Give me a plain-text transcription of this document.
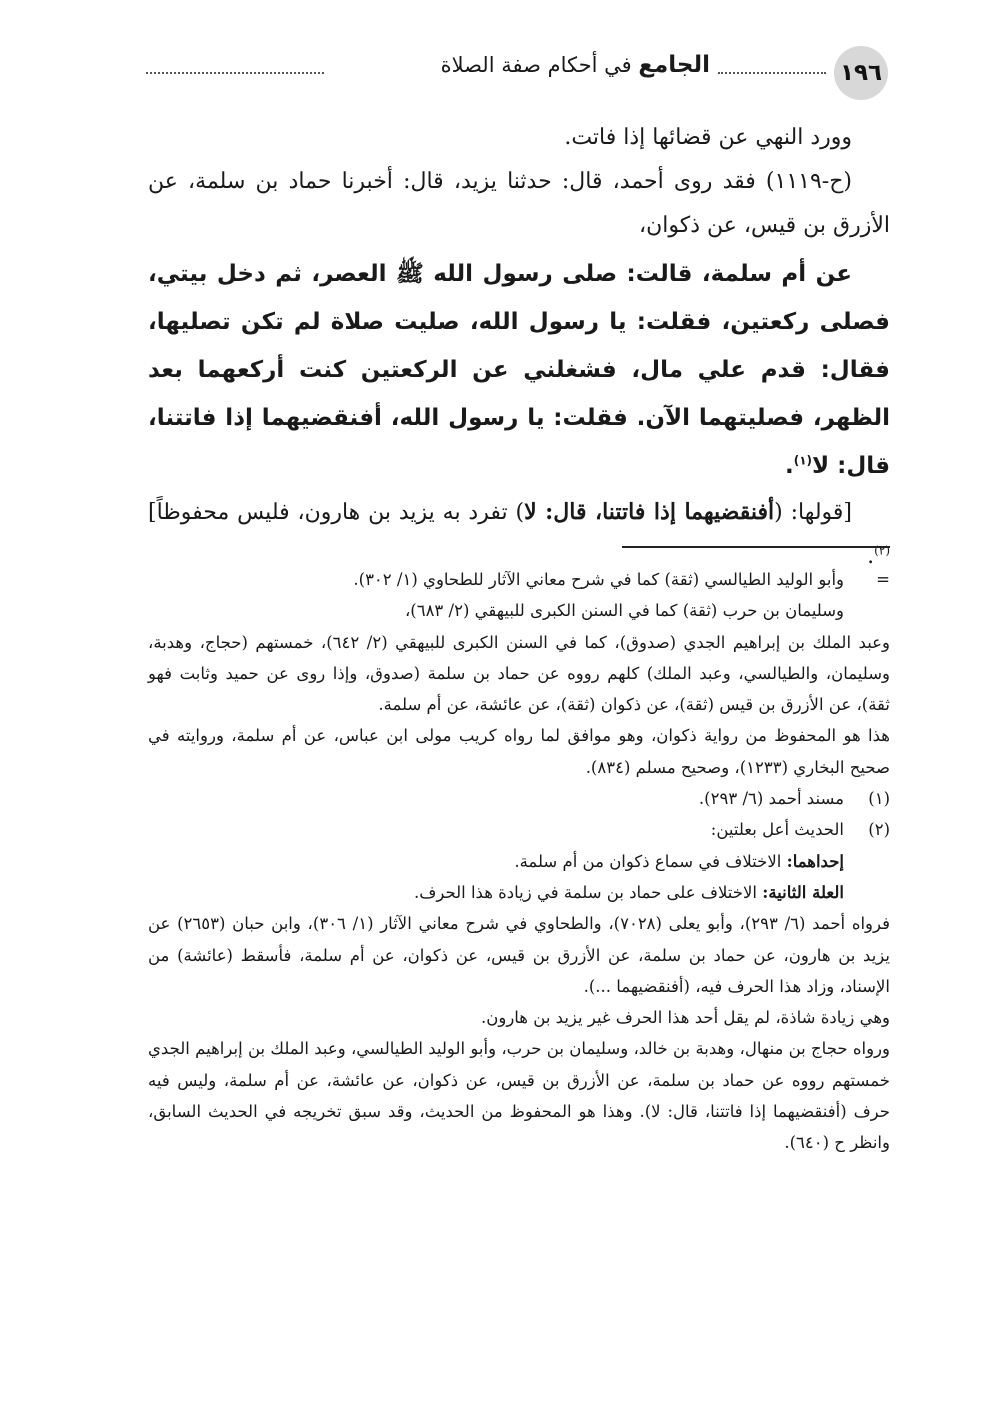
١٩٦
الجامع في أحكام صفة الصلاة

وورد النهي عن قضائها إذا فاتت.

(ح-١١١٩) فقد روى أحمد، قال: حدثنا يزيد، قال: أخبرنا حماد بن سلمة، عن الأزرق بن قيس، عن ذكوان،

عن أم سلمة، قالت: صلى رسول الله ﷺ العصر، ثم دخل بيتي، فصلى ركعتين، فقلت: يا رسول الله، صليت صلاة لم تكن تصليها، فقال: قدم علي مال، فشغلني عن الركعتين كنت أركعهما بعد الظهر، فصليتهما الآن. فقلت: يا رسول الله، أفنقضيهما إذا فاتتنا، قال: لا$^{(١)}$.

[قولها: (أفنقضيهما إذا فاتتنا، قال: لا) تفرد به يزيد بن هارون، فليس محفوظاً]$^{(٢)}$.

=
وأبو الوليد الطيالسي (ثقة) كما في شرح معاني الآثار للطحاوي (١/ ٣٠٢).
وسليمان بن حرب (ثقة) كما في السنن الكبرى للبيهقي (٢/ ٦٨٣)،
وعبد الملك بن إبراهيم الجدي (صدوق)، كما في السنن الكبرى للبيهقي (٢/ ٦٤٢)، خمستهم (حجاج، وهدبة، وسليمان، والطيالسي، وعبد الملك) كلهم رووه عن حماد بن سلمة (صدوق، وإذا روى عن حميد وثابت فهو ثقة)، عن الأزرق بن قيس (ثقة)، عن ذكوان (ثقة)، عن عائشة، عن أم سلمة.
هذا هو المحفوظ من رواية ذكوان، وهو موافق لما رواه كريب مولى ابن عباس، عن أم سلمة، وروايته في صحيح البخاري (١٢٣٣)، وصحيح مسلم (٨٣٤).
(١)
مسند أحمد (٦/ ٢٩٣).
(٢)
الحديث أعل بعلتين:
إحداهما: الاختلاف في سماع ذكوان من أم سلمة.
العلة الثانية: الاختلاف على حماد بن سلمة في زيادة هذا الحرف.
فرواه أحمد (٦/ ٢٩٣)، وأبو يعلى (٧٠٢٨)، والطحاوي في شرح معاني الآثار (١/ ٣٠٦)، وابن حبان (٢٦٥٣) عن يزيد بن هارون، عن حماد بن سلمة، عن الأزرق بن قيس، عن ذكوان، عن أم سلمة، فأسقط (عائشة) من الإسناد، وزاد هذا الحرف فيه، (أفنقضيهما ...).
وهي زيادة شاذة، لم يقل أحد هذا الحرف غير يزيد بن هارون.
ورواه حجاج بن منهال، وهدبة بن خالد، وسليمان بن حرب، وأبو الوليد الطيالسي، وعبد الملك بن إبراهيم الجدي خمستهم رووه عن حماد بن سلمة، عن الأزرق بن قيس، عن ذكوان، عن عائشة، عن أم سلمة، وليس فيه حرف (أفنقضيهما إذا فاتتنا، قال: لا). وهذا هو المحفوظ من الحديث، وقد سبق تخريجه في الحديث السابق، وانظر ح (٦٤٠).
